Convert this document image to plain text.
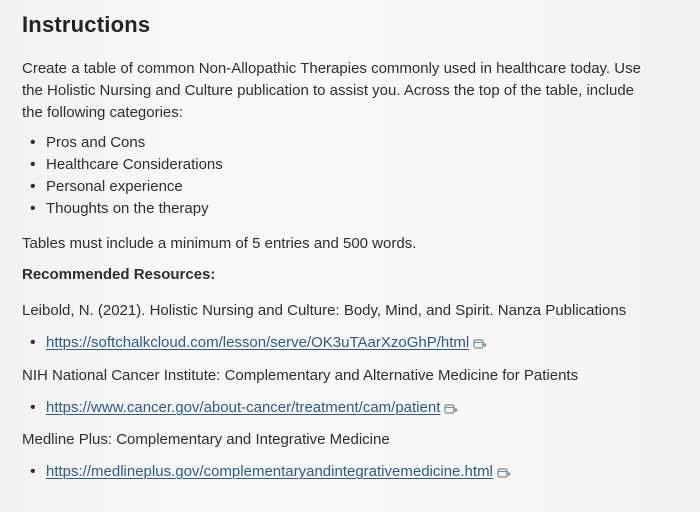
Instructions

Create a table of common Non-Allopathic Therapies commonly used in healthcare today. Use the Holistic Nursing and Culture publication to assist you. Across the top of the table, include the following categories:

• Pros and Cons
• Healthcare Considerations
• Personal experience
• Thoughts on the therapy

Tables must include a minimum of 5 entries and 500 words.

Recommended Resources:

Leibold, N. (2021). Holistic Nursing and Culture: Body, Mind, and Spirit. Nanza Publications

• https://softchalkcloud.com/lesson/serve/OK3uTAarXzoGhP/html

NIH National Cancer Institute: Complementary and Alternative Medicine for Patients

• https://www.cancer.gov/about-cancer/treatment/cam/patient

Medline Plus: Complementary and Integrative Medicine

• https://medlineplus.gov/complementaryandintegrativemedicine.html
